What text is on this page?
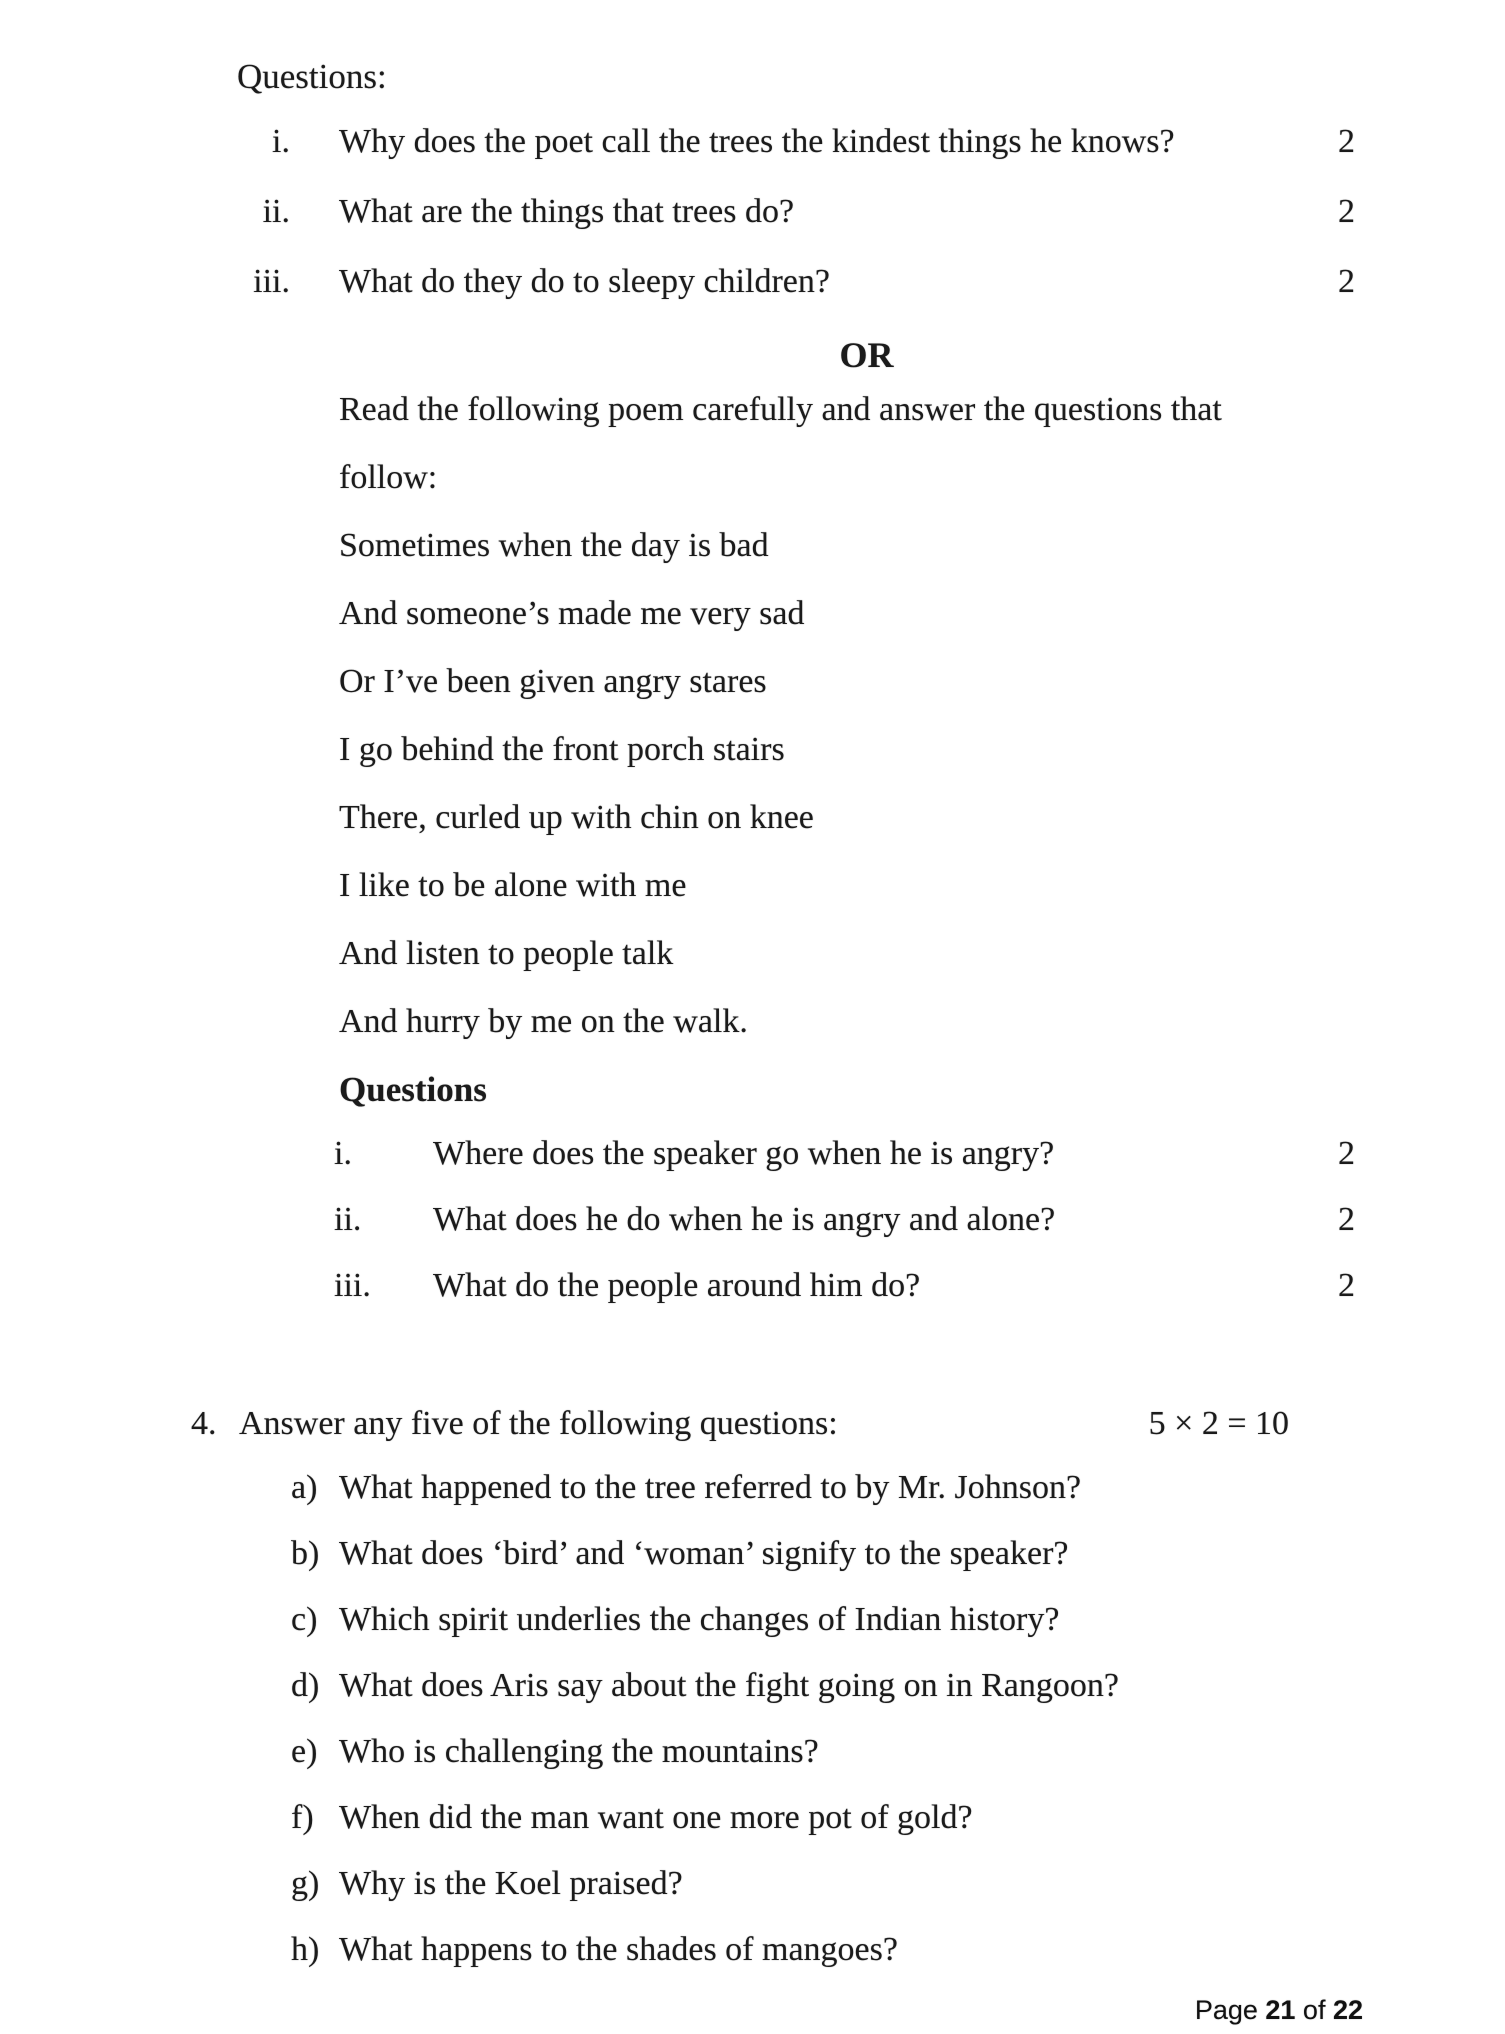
Questions:
i. Why does the poet call the trees the kindest things he knows?	2
ii. What are the things that trees do?	2
iii. What do they do to sleepy children?	2
OR
Read the following poem carefully and answer the questions that
follow:
Sometimes when the day is bad
And someone’s made me very sad
Or I’ve been given angry stares
I go behind the front porch stairs
There, curled up with chin on knee
I like to be alone with me
And listen to people talk
And hurry by me on the walk.
Questions
i.	Where does the speaker go when he is angry?	2
ii.	What does he do when he is angry and alone?	2
iii.	What do the people around him do?	2
4. Answer any five of the following questions:	5 × 2 = 10
a) What happened to the tree referred to by Mr. Johnson?
b) What does ‘bird’ and ‘woman’ signify to the speaker?
c) Which spirit underlies the changes of Indian history?
d) What does Aris say about the fight going on in Rangoon?
e) Who is challenging the mountains?
f) When did the man want one more pot of gold?
g) Why is the Koel praised?
h) What happens to the shades of mangoes?
Page 21 of 22
